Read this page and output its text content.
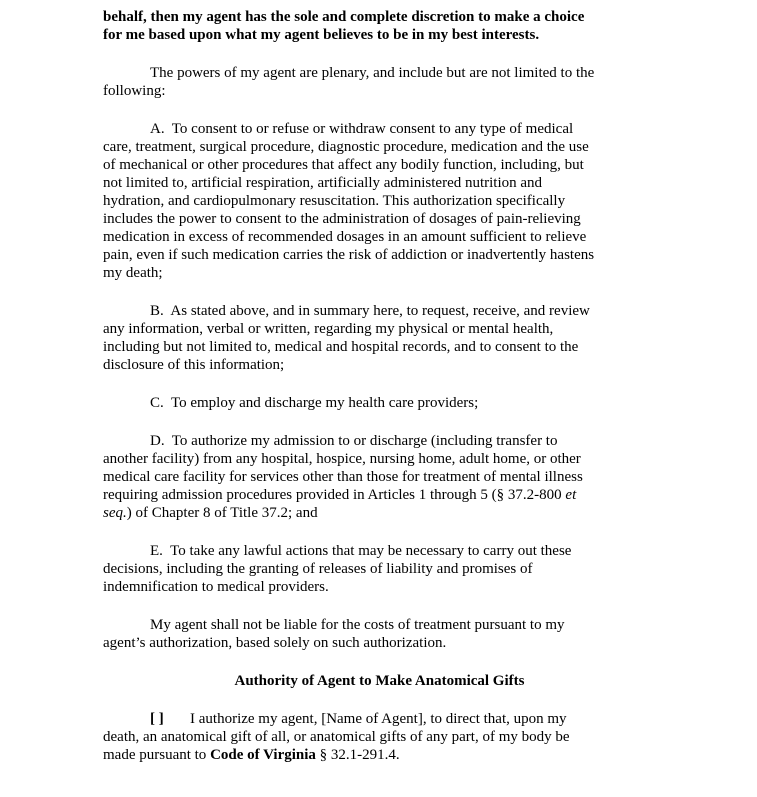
behalf, then my agent has the sole and complete discretion to make a choice
for me based upon what my agent believes to be in my best interests.
The powers of my agent are plenary, and include but are not limited to the
following:
A.  To consent to or refuse or withdraw consent to any type of medical
care, treatment, surgical procedure, diagnostic procedure, medication and the use
of mechanical or other procedures that affect any bodily function, including, but
not limited to, artificial respiration, artificially administered nutrition and
hydration, and cardiopulmonary resuscitation. This authorization specifically
includes the power to consent to the administration of dosages of pain-relieving
medication in excess of recommended dosages in an amount sufficient to relieve
pain, even if such medication carries the risk of addiction or inadvertently hastens
my death;
B.  As stated above, and in summary here, to request, receive, and review
any information, verbal or written, regarding my physical or mental health,
including but not limited to, medical and hospital records, and to consent to the
disclosure of this information;
C.  To employ and discharge my health care providers;
D.  To authorize my admission to or discharge (including transfer to
another facility) from any hospital, hospice, nursing home, adult home, or other
medical care facility for services other than those for treatment of mental illness
requiring admission procedures provided in Articles 1 through 5 (§ 37.2-800 et
seq.) of Chapter 8 of Title 37.2; and
E.  To take any lawful actions that may be necessary to carry out these
decisions, including the granting of releases of liability and promises of
indemnification to medical providers.
My agent shall not be liable for the costs of treatment pursuant to my
agent’s authorization, based solely on such authorization.
Authority of Agent to Make Anatomical Gifts
[ ]       I authorize my agent, [Name of Agent], to direct that, upon my
death, an anatomical gift of all, or anatomical gifts of any part, of my body be
made pursuant to Code of Virginia § 32.1-291.4.
